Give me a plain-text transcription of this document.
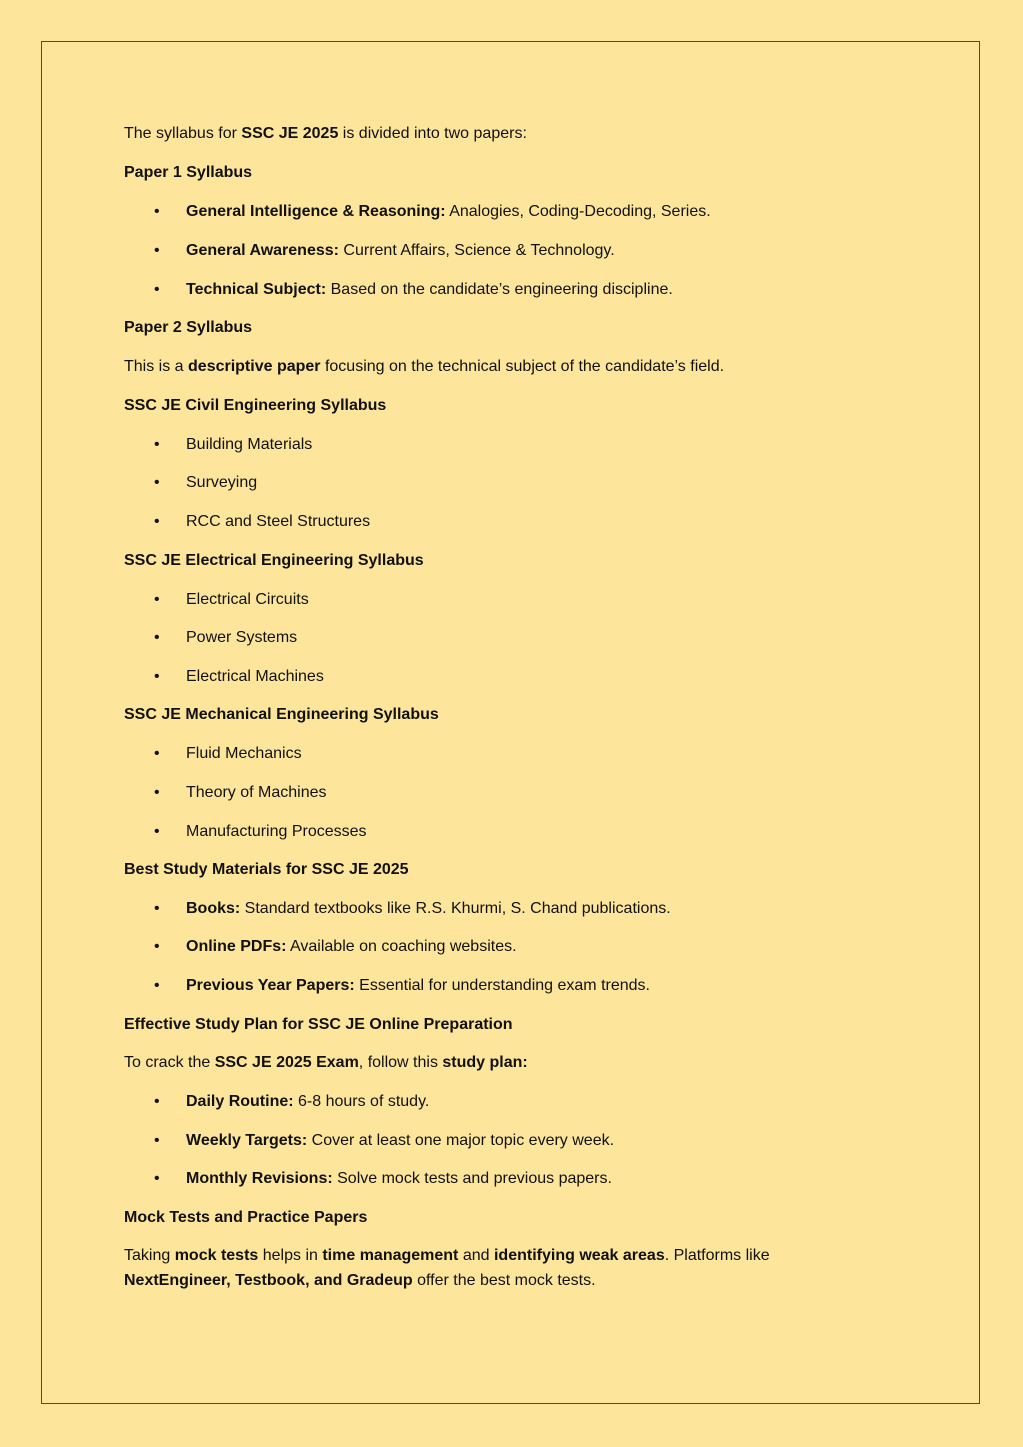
The syllabus for SSC JE 2025 is divided into two papers:
Paper 1 Syllabus
• General Intelligence & Reasoning: Analogies, Coding-Decoding, Series.
• General Awareness: Current Affairs, Science & Technology.
• Technical Subject: Based on the candidate’s engineering discipline.
Paper 2 Syllabus
This is a descriptive paper focusing on the technical subject of the candidate’s field.
SSC JE Civil Engineering Syllabus
• Building Materials
• Surveying
• RCC and Steel Structures
SSC JE Electrical Engineering Syllabus
• Electrical Circuits
• Power Systems
• Electrical Machines
SSC JE Mechanical Engineering Syllabus
• Fluid Mechanics
• Theory of Machines
• Manufacturing Processes
Best Study Materials for SSC JE 2025
• Books: Standard textbooks like R.S. Khurmi, S. Chand publications.
• Online PDFs: Available on coaching websites.
• Previous Year Papers: Essential for understanding exam trends.
Effective Study Plan for SSC JE Online Preparation
To crack the SSC JE 2025 Exam, follow this study plan:
• Daily Routine: 6-8 hours of study.
• Weekly Targets: Cover at least one major topic every week.
• Monthly Revisions: Solve mock tests and previous papers.
Mock Tests and Practice Papers
Taking mock tests helps in time management and identifying weak areas. Platforms like NextEngineer, Testbook, and Gradeup offer the best mock tests.
